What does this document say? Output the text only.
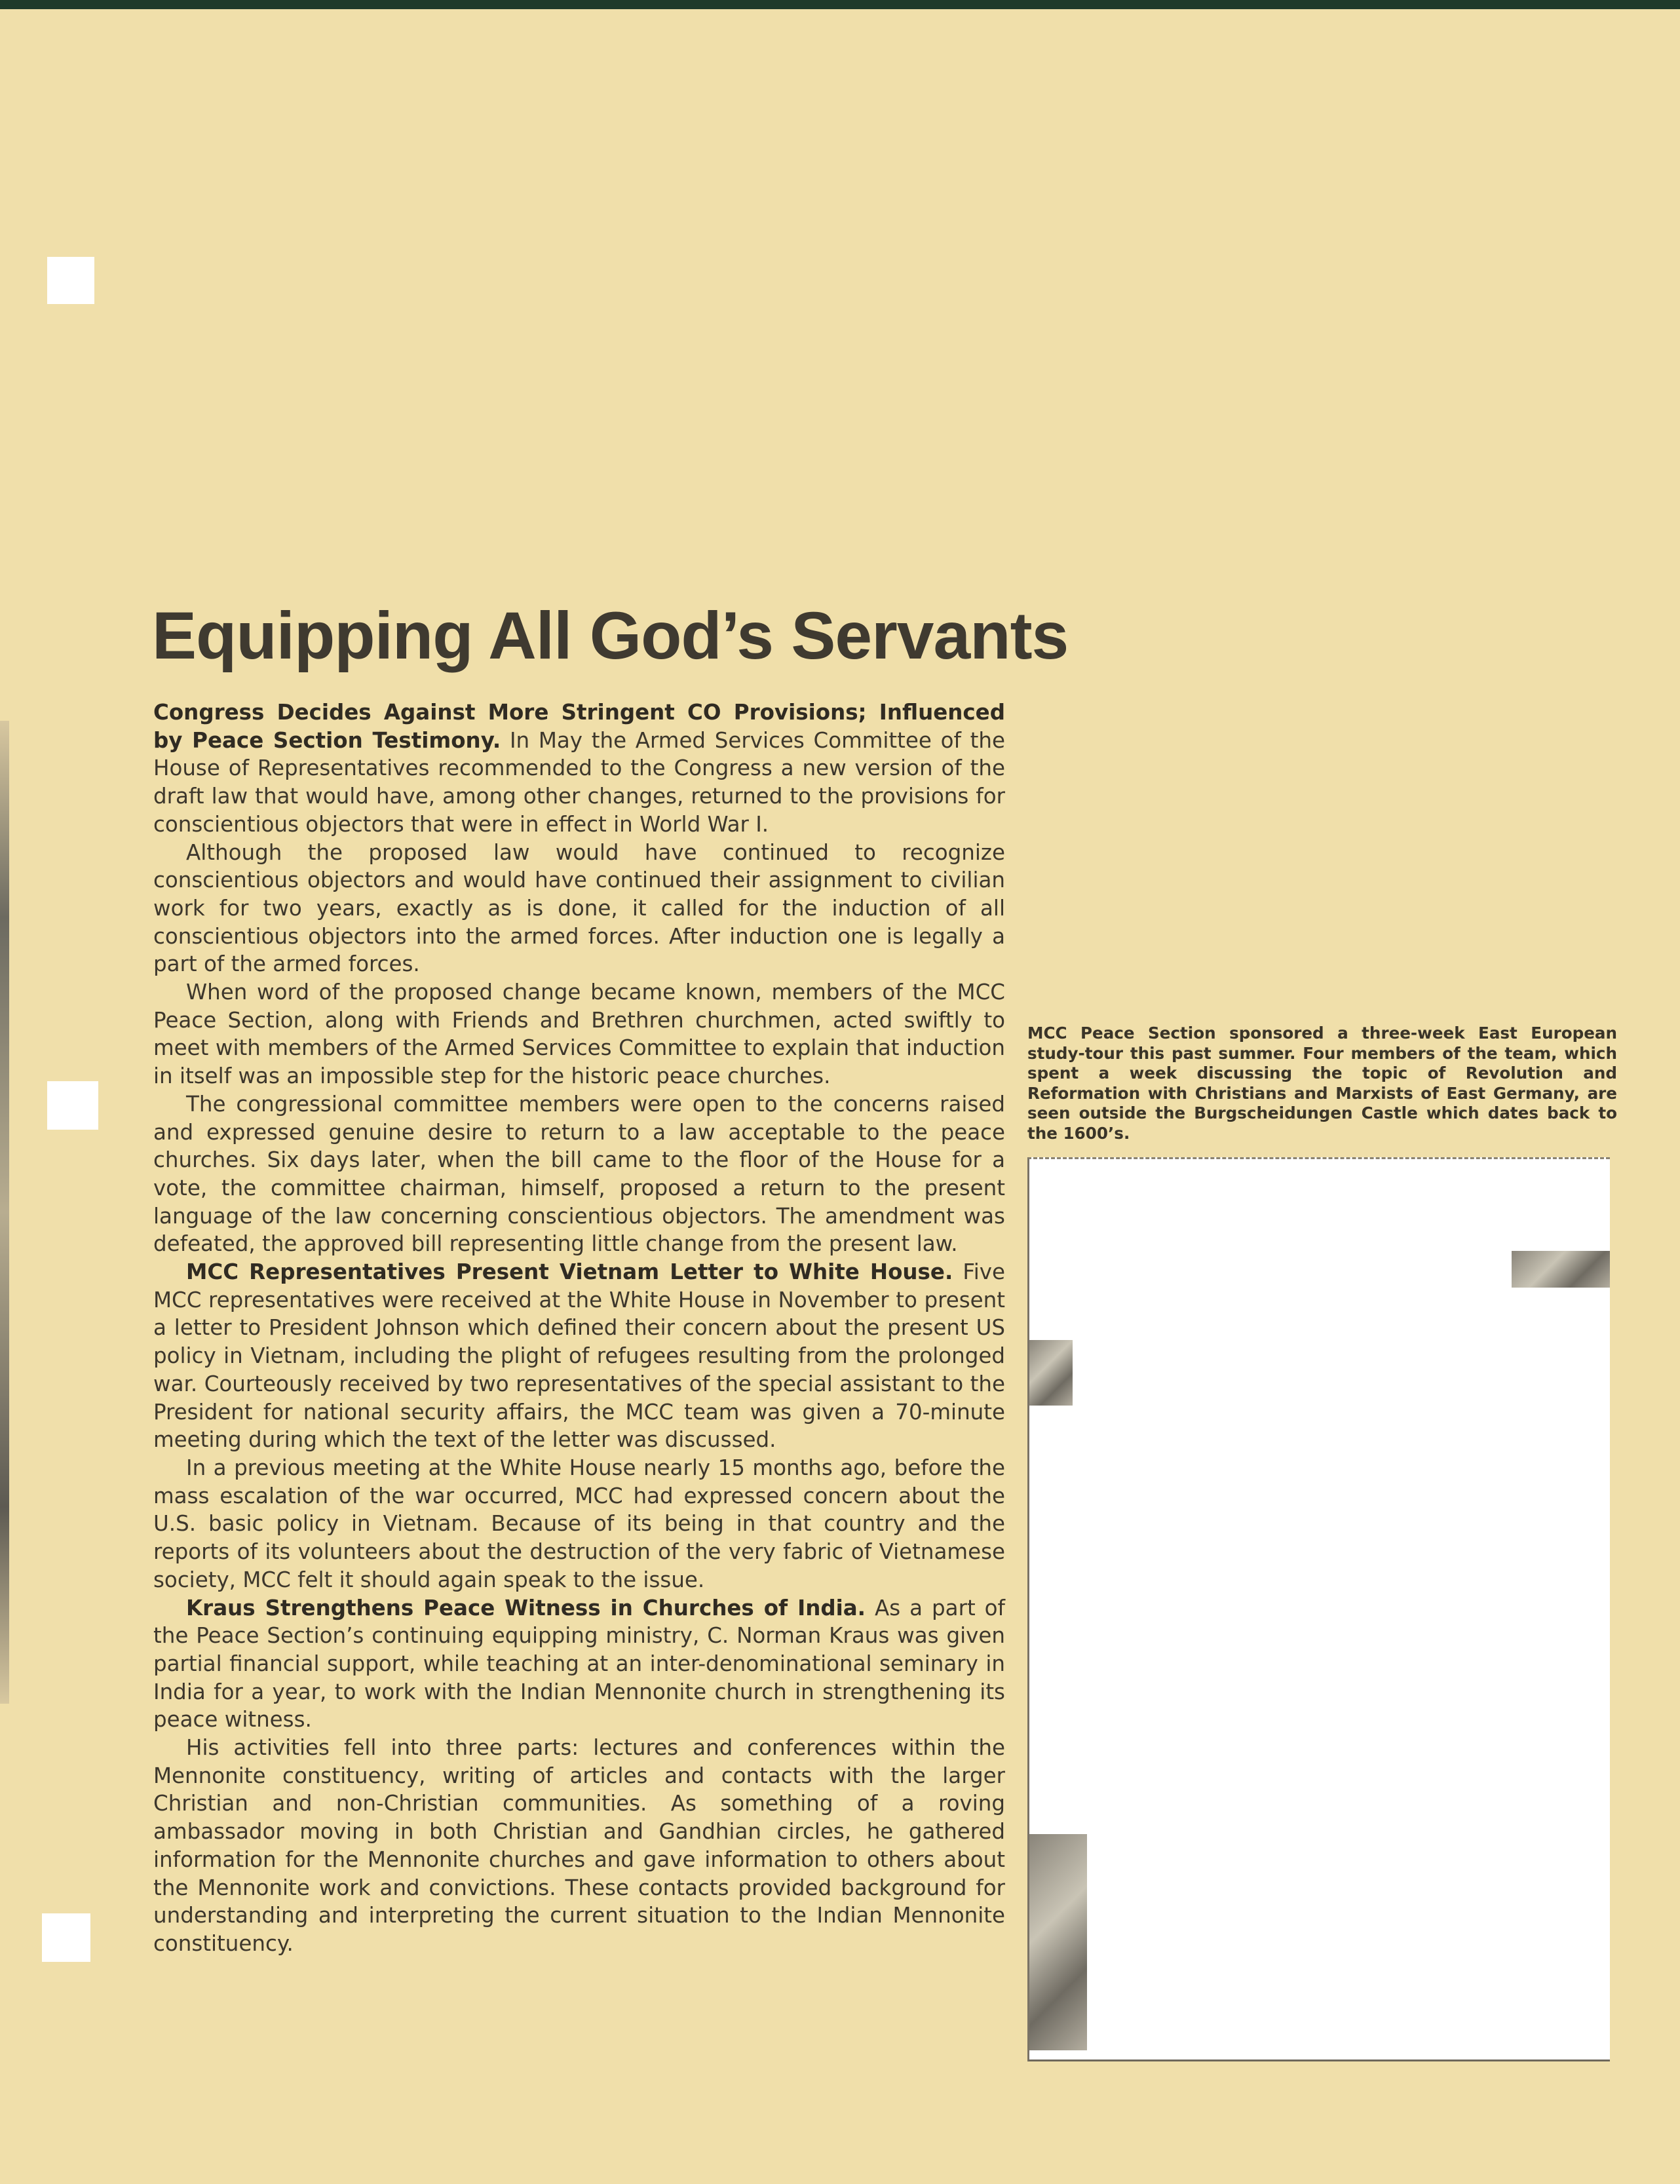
Equipping All God’s Servants

Congress Decides Against More Stringent CO Provisions; Influenced by Peace Section Testimony. In May the Armed Services Committee of the House of Representatives recommended to the Congress a new version of the draft law that would have, among other changes, returned to the provisions for conscientious objectors that were in effect in World War I.

Although the proposed law would have continued to recognize conscientious objectors and would have continued their assignment to civilian work for two years, exactly as is done, it called for the induction of all conscientious objectors into the armed forces. After induction one is legally a part of the armed forces.

When word of the proposed change became known, members of the MCC Peace Section, along with Friends and Brethren churchmen, acted swiftly to meet with members of the Armed Services Committee to explain that induction in itself was an impossible step for the historic peace churches.

The congressional committee members were open to the concerns raised and expressed genuine desire to return to a law acceptable to the peace churches. Six days later, when the bill came to the floor of the House for a vote, the committee chairman, himself, proposed a return to the present language of the law concerning conscientious objectors. The amendment was defeated, the approved bill representing little change from the present law.

MCC Representatives Present Vietnam Letter to White House. Five MCC representatives were received at the White House in November to present a letter to President Johnson which defined their concern about the present US policy in Vietnam, including the plight of refugees resulting from the prolonged war. Courteously received by two representatives of the special assistant to the President for national security affairs, the MCC team was given a 70-minute meeting during which the text of the letter was discussed.

In a previous meeting at the White House nearly 15 months ago, before the mass escalation of the war occurred, MCC had expressed concern about the U.S. basic policy in Vietnam. Because of its being in that country and the reports of its volunteers about the destruction of the very fabric of Vietnamese society, MCC felt it should again speak to the issue.

Kraus Strengthens Peace Witness in Churches of India. As a part of the Peace Section’s continuing equipping ministry, C. Norman Kraus was given partial financial support, while teaching at an inter-denominational seminary in India for a year, to work with the Indian Mennonite church in strengthening its peace witness.

His activities fell into three parts: lectures and conferences within the Mennonite constituency, writing of articles and contacts with the larger Christian and non-Christian communities. As something of a roving ambassador moving in both Christian and Gandhian circles, he gathered information for the Mennonite churches and gave information to others about the Mennonite work and convictions. These contacts provided background for understanding and interpreting the current situation to the Indian Mennonite constituency.

MCC Peace Section sponsored a three-week East European study-tour this past summer. Four members of the team, which spent a week discussing the topic of Revolution and Reformation with Christians and Marxists of East Germany, are seen outside the Burgscheidungen Castle which dates back to the 1600’s.
